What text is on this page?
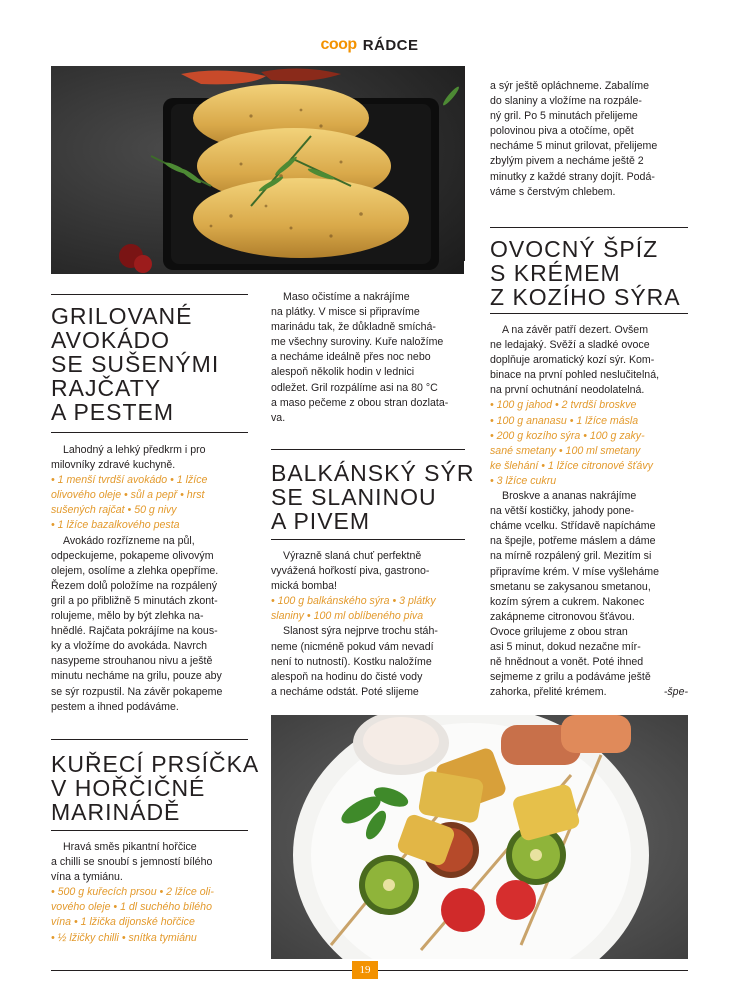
coop RÁDCE
GRILOVANÉ
AVOKÁDO
SE SUŠENÝMI
RAJČATY
A PESTEM

Lahodný a lehký předkrm i pro

milovníky zdravé kuchyně.

• 1 menší tvrdší avokádo • 1 lžíce

olivového oleje • sůl a pepř • hrst

sušených rajčat • 50 g nivy

• 1 lžíce bazalkového pesta

Avokádo rozřízneme na půl,

odpeckujeme, pokapeme olivovým

olejem, osolíme a zlehka opepříme.

Řezem dolů položíme na rozpálený

gril a po přibližně 5 minutách zkont-

rolujeme, mělo by být zlehka na-

hnědlé. Rajčata pokrájíme na kous-

ky a vložíme do avokáda. Navrch

nasypeme strouhanou nivu a ještě

minutu necháme na grilu, pouze aby

se sýr rozpustil. Na závěr pokapeme

pestem a ihned podáváme.

KUŘECÍ PRSÍČKA
V HOŘČIČNÉ
MARINÁDĚ

Hravá směs pikantní hořčice

a chilli se snoubí s jemností bílého

vína a tymiánu.

• 500 g kuřecích prsou • 2 lžíce oli-

vového oleje • 1 dl suchého bílého

vína • 1 lžička dijonské hořčice

• ½ lžičky chilli • snítka tymiánu

Maso očistíme a nakrájíme

na plátky. V misce si připravíme

marinádu tak, že důkladně smíchá-

me všechny suroviny. Kuře naložíme

a necháme ideálně přes noc nebo

alespoň několik hodin v lednici

odležet. Gril rozpálíme asi na 80 °C

a maso pečeme z obou stran dozlata-

va.

BALKÁNSKÝ SÝR
SE SLANINOU
A PIVEM

Výrazně slaná chuť perfektně

vyvážená hořkostí piva, gastrono-

mická bomba!

• 100 g balkánského sýra • 3 plátky

slaniny • 100 ml oblíbeného piva

Slanost sýra nejprve trochu stáh-

neme (nicméně pokud vám nevadí

není to nutností). Kostku naložíme

alespoň na hodinu do čisté vody

a necháme odstát. Poté slijeme

a sýr ještě opláchneme. Zabalíme

do slaniny a vložíme na rozpále-

ný gril. Po 5 minutách přelijeme

polovinou piva a otočíme, opět

necháme 5 minut grilovat, přelijeme

zbylým pivem a necháme ještě 2

minutky z každé strany dojít. Podá-

váme s čerstvým chlebem.

OVOCNÝ ŠPÍZ
S KRÉMEM
Z KOZÍHO SÝRA

A na závěr patří dezert. Ovšem

ne ledajaký. Svěží a sladké ovoce

doplňuje aromatický kozí sýr. Kom-

binace na první pohled neslučitelná,

na první ochutnání neodolatelná.

• 100 g jahod • 2 tvrdší broskve

• 100 g ananasu • 1 lžíce másla

• 200 g kozího sýra • 100 g zaky-

sané smetany • 100 ml smetany

ke šlehání • 1 lžíce citronové šťávy

• 3 lžíce cukru

Broskve a ananas nakrájíme

na větší kostičky, jahody pone-

cháme vcelku. Střídavě napícháme

na špejle, potřeme máslem a dáme

na mírně rozpálený gril. Mezitím si

připravíme krém. V míse vyšleháme

smetanu se zakysanou smetanou,

kozím sýrem a cukrem. Nakonec

zakápneme citronovou šťávou.

Ovoce grilujeme z obou stran

asi 5 minut, dokud nezačne mír-

ně hnědnout a vonět. Poté ihned

sejmeme z grilu a podáváme ještě

zahorka, přelité krémem.	-špe-

19
